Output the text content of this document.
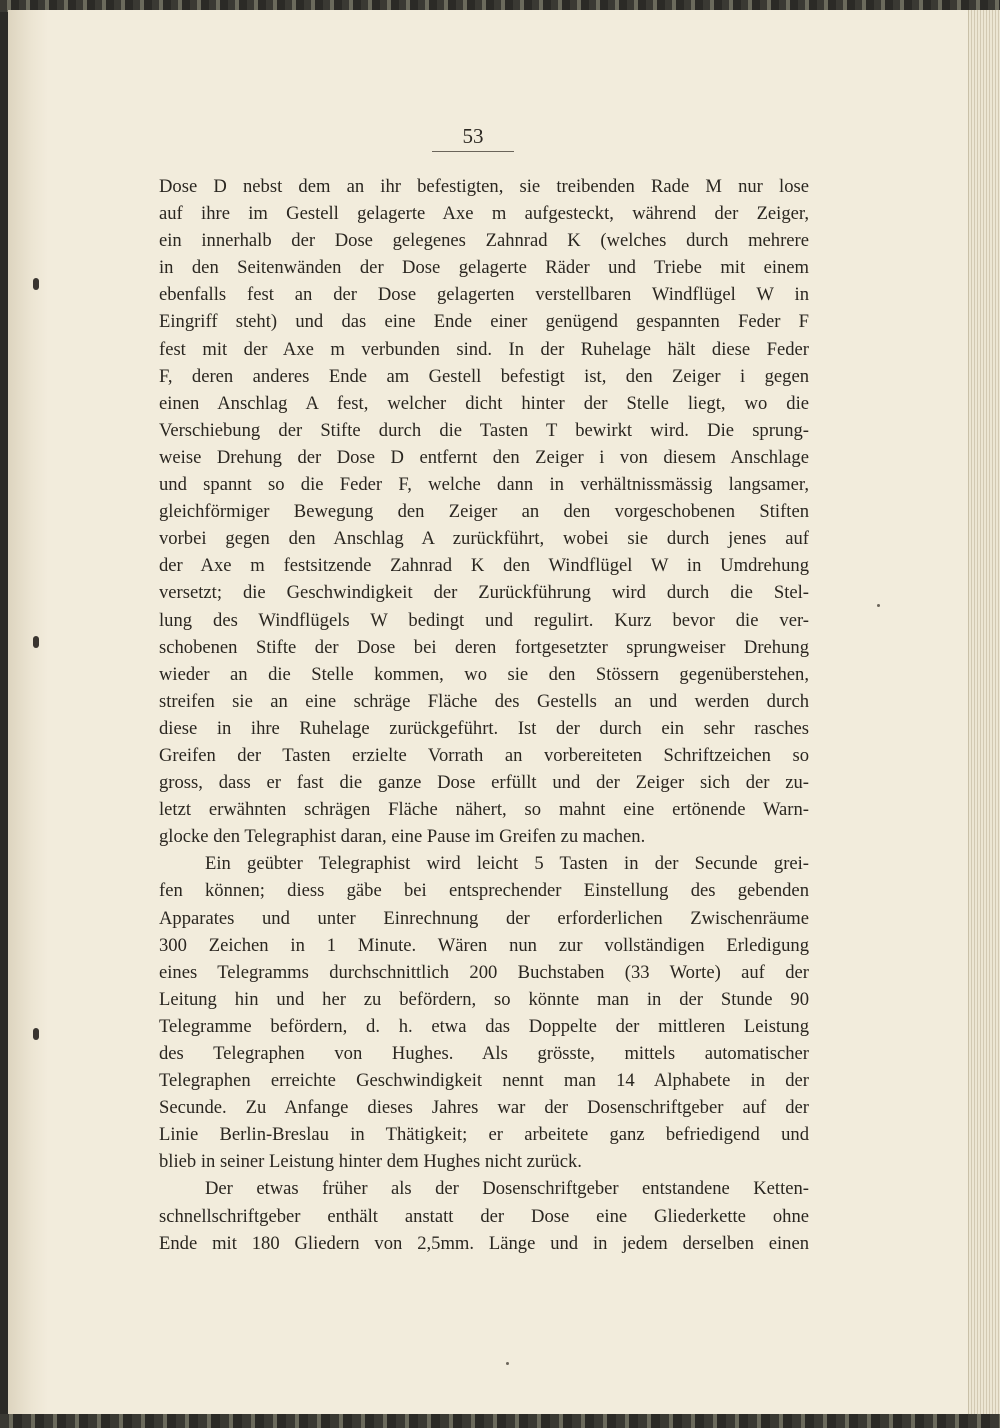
53
Dose D nebst dem an ihr befestigten, sie treibenden Rade M nur lose
auf ihre im Gestell gelagerte Axe m aufgesteckt, während der Zeiger,
ein innerhalb der Dose gelegenes Zahnrad K (welches durch mehrere
in den Seitenwänden der Dose gelagerte Räder und Triebe mit einem
ebenfalls fest an der Dose gelagerten verstellbaren Windflügel W in
Eingriff steht) und das eine Ende einer genügend gespannten Feder F
fest mit der Axe m verbunden sind. In der Ruhelage hält diese Feder
F, deren anderes Ende am Gestell befestigt ist, den Zeiger i gegen
einen Anschlag A fest, welcher dicht hinter der Stelle liegt, wo die
Verschiebung der Stifte durch die Tasten T bewirkt wird. Die sprung-
weise Drehung der Dose D entfernt den Zeiger i von diesem Anschlage
und spannt so die Feder F, welche dann in verhältnissmässig langsamer,
gleichförmiger Bewegung den Zeiger an den vorgeschobenen Stiften
vorbei gegen den Anschlag A zurückführt, wobei sie durch jenes auf
der Axe m festsitzende Zahnrad K den Windflügel W in Umdrehung
versetzt; die Geschwindigkeit der Zurückführung wird durch die Stel-
lung des Windflügels W bedingt und regulirt. Kurz bevor die ver-
schobenen Stifte der Dose bei deren fortgesetzter sprungweiser Drehung
wieder an die Stelle kommen, wo sie den Stössern gegenüberstehen,
streifen sie an eine schräge Fläche des Gestells an und werden durch
diese in ihre Ruhelage zurückgeführt. Ist der durch ein sehr rasches
Greifen der Tasten erzielte Vorrath an vorbereiteten Schriftzeichen so
gross, dass er fast die ganze Dose erfüllt und der Zeiger sich der zu-
letzt erwähnten schrägen Fläche nähert, so mahnt eine ertönende Warn-
glocke den Telegraphist daran, eine Pause im Greifen zu machen.
Ein geübter Telegraphist wird leicht 5 Tasten in der Secunde grei-
fen können; diess gäbe bei entsprechender Einstellung des gebenden
Apparates und unter Einrechnung der erforderlichen Zwischenräume
300 Zeichen in 1 Minute. Wären nun zur vollständigen Erledigung
eines Telegramms durchschnittlich 200 Buchstaben (33 Worte) auf der
Leitung hin und her zu befördern, so könnte man in der Stunde 90
Telegramme befördern, d. h. etwa das Doppelte der mittleren Leistung
des Telegraphen von Hughes. Als grösste, mittels automatischer
Telegraphen erreichte Geschwindigkeit nennt man 14 Alphabete in der
Secunde. Zu Anfange dieses Jahres war der Dosenschriftgeber auf der
Linie Berlin-Breslau in Thätigkeit; er arbeitete ganz befriedigend und
blieb in seiner Leistung hinter dem Hughes nicht zurück.
Der etwas früher als der Dosenschriftgeber entstandene Ketten-
schnellschriftgeber enthält anstatt der Dose eine Gliederkette ohne
Ende mit 180 Gliedern von 2,5mm. Länge und in jedem derselben einen
